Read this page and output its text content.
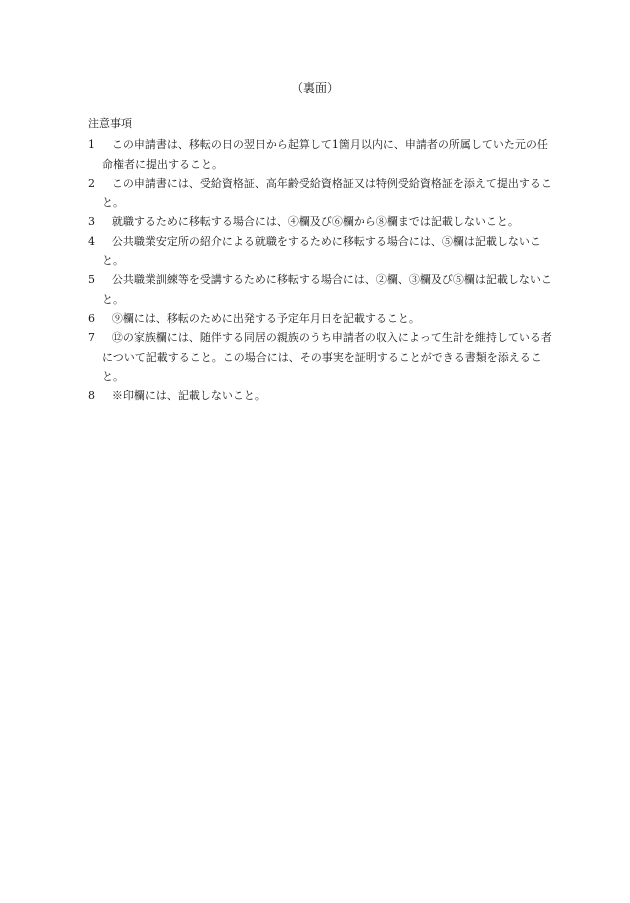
（裏面）
注意事項
1	この申請書は、移転の日の翌日から起算して1箇月以内に、申請者の所属していた元の任命権者に提出すること。
2	この申請書には、受給資格証、高年齢受給資格証又は特例受給資格証を添えて提出すること。
3	就職するために移転する場合には、④欄及び⑥欄から⑧欄までは記載しないこと。
4	公共職業安定所の紹介による就職をするために移転する場合には、⑤欄は記載しないこと。
5	公共職業訓練等を受講するために移転する場合には、②欄、③欄及び⑤欄は記載しないこと。
6	⑨欄には、移転のために出発する予定年月日を記載すること。
7	⑫の家族欄には、随伴する同居の親族のうち申請者の収入によって生計を維持している者について記載すること。この場合には、その事実を証明することができる書類を添えること。
8	※印欄には、記載しないこと。
